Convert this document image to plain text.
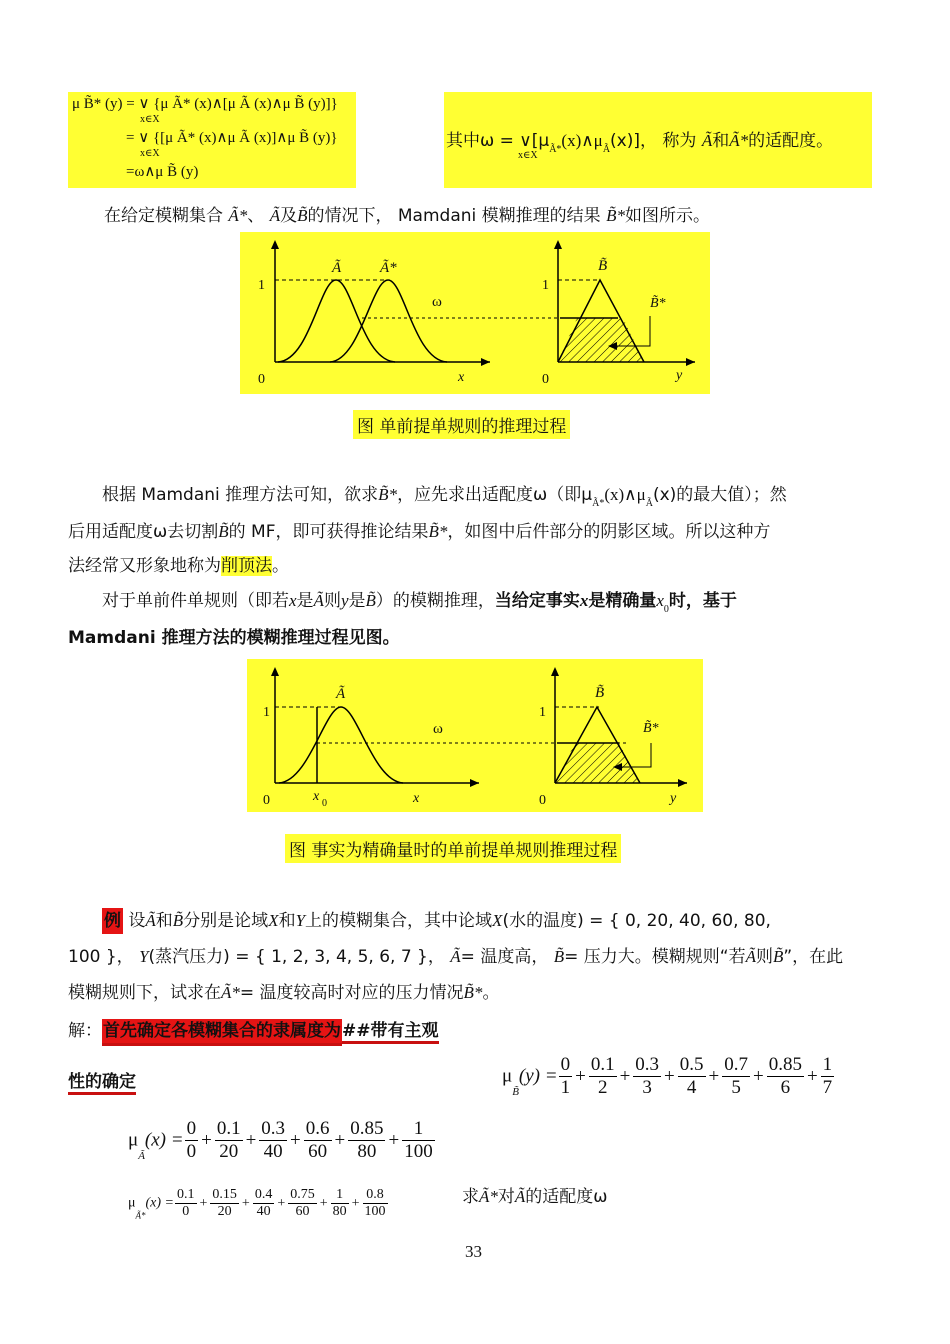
μ B̃* (y) = ∨ {μ Ã* (x)∧[μ Ã (x)∧μ B̃ (y)]}
x∈X
= ∨ {[μ Ã* (x)∧μ Ã (x)]∧μ B̃ (y)}
x∈X
=ω∧μ B̃ (y)
其中$\omega = \vee[\mu_{Ã*}(x)\wedge\mu_Ã(x)]$， 称为 Ã和Ã*的适配度。
x∈X
在给定模糊集合 Ã*、 Ã及B̃的情况下， Mamdani 模糊推理的结果 B̃*如图所示。
Ã	Ã*
1
0	x
ω
B̃
B̃*
1
0	y
图 单前提单规则的推理过程
根据 Mamdani 推理方法可知，欲求B̃*，应先求出适配度ω（即$\mu_{Ã*}(x)\wedge\mu_Ã(x)$的最大值）；然
后用适配度ω去切割B̃的 MF，即可获得推论结果B̃*，如图中后件部分的阴影区域。所以这种方
法经常又形象地称为削顶法。
对于单前件单规则（即若x是Ã则y是B̃）的模糊推理，当给定事实x是精确量$x_0$时，基于
Mamdani 推理方法的模糊推理过程见图。
Ã
1
0	x 0	x
ω
B̃
B̃*
1
0	y
图 事实为精确量时的单前提单规则推理过程
例 设Ã和B̃分别是论域X和Y上的模糊集合，其中论域X(水的温度) = { 0, 20, 40, 60, 80,
100 }， Y(蒸汽压力) = { 1, 2, 3, 4, 5, 6, 7 }， Ã= 温度高， B̃= 压力大。模糊规则“若Ã则B̃”，在此
模糊规则下，试求在Ã*= 温度较高时对应的压力情况B̃*。
解：首先确定各模糊集合的隶属度为##带有主观
性的确定	$\mu_{B̃}(y) = \frac{0}{1} + \frac{0.1}{2} + \frac{0.3}{3} + \frac{0.5}{4} + \frac{0.7}{5} + \frac{0.85}{6} + \frac{1}{7}$
$\mu_Ã(x) = \frac{0}{0} + \frac{0.1}{20} + \frac{0.3}{40} + \frac{0.6}{60} + \frac{0.85}{80} + \frac{1}{100}$
$\mu_{Ã*}(x) = \frac{0.1}{0} + \frac{0.15}{20} + \frac{0.4}{40} + \frac{0.75}{60} + \frac{1}{80} + \frac{0.8}{100}$	求Ã*对Ã的适配度ω
33
